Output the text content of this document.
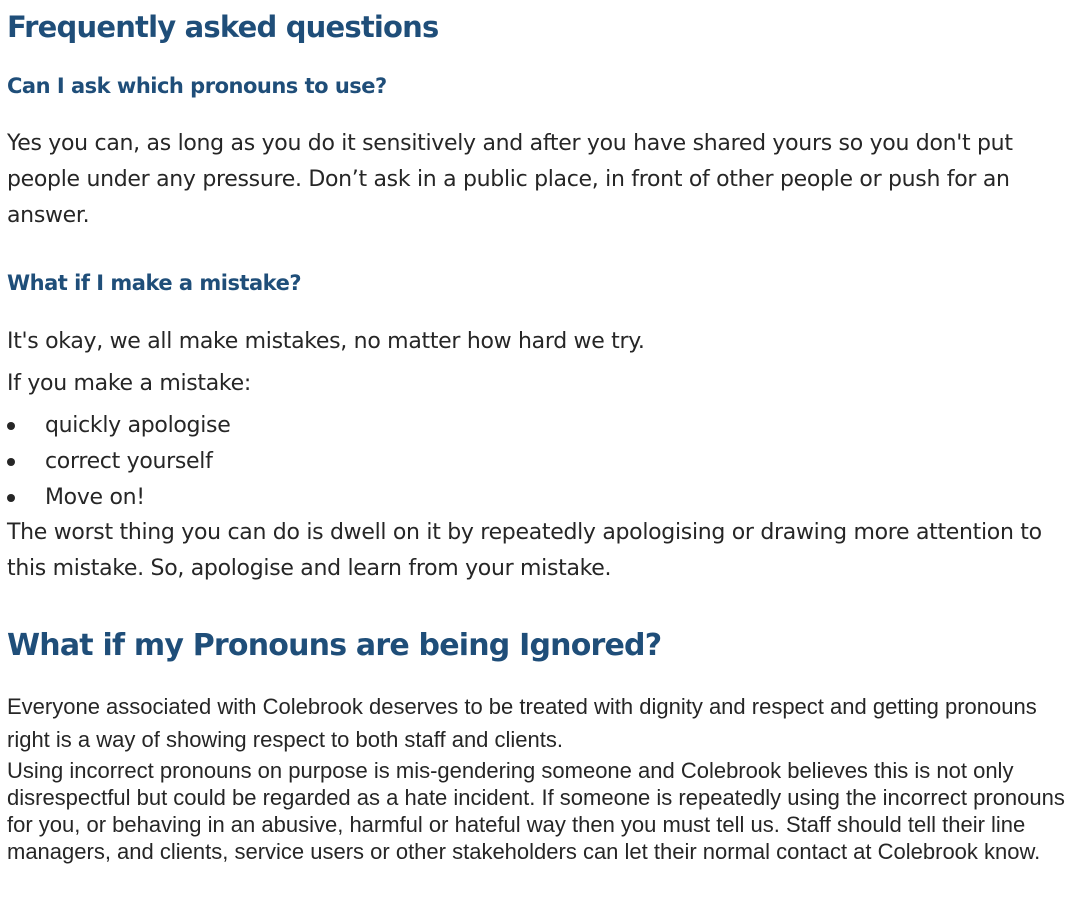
Frequently asked questions
Can I ask which pronouns to use?
Yes you can, as long as you do it sensitively and after you have shared yours so you don't put people under any pressure. Don’t ask in a public place, in front of other people or push for an answer.
What if I make a mistake?
It's okay, we all make mistakes, no matter how hard we try.
If you make a mistake:
quickly apologise
correct yourself
Move on!
The worst thing you can do is dwell on it by repeatedly apologising or drawing more attention to this mistake. So, apologise and learn from your mistake.
What if my Pronouns are being Ignored?
Everyone associated with Colebrook deserves to be treated with dignity and respect and getting pronouns right is a way of showing respect to both staff and clients.
Using incorrect pronouns on purpose is mis-gendering someone and Colebrook believes this is not only disrespectful but could be regarded as a hate incident. If someone is repeatedly using the incorrect pronouns for you, or behaving in an abusive, harmful or hateful way then you must tell us. Staff should tell their line managers, and clients, service users or other stakeholders can let their normal contact at Colebrook know.
